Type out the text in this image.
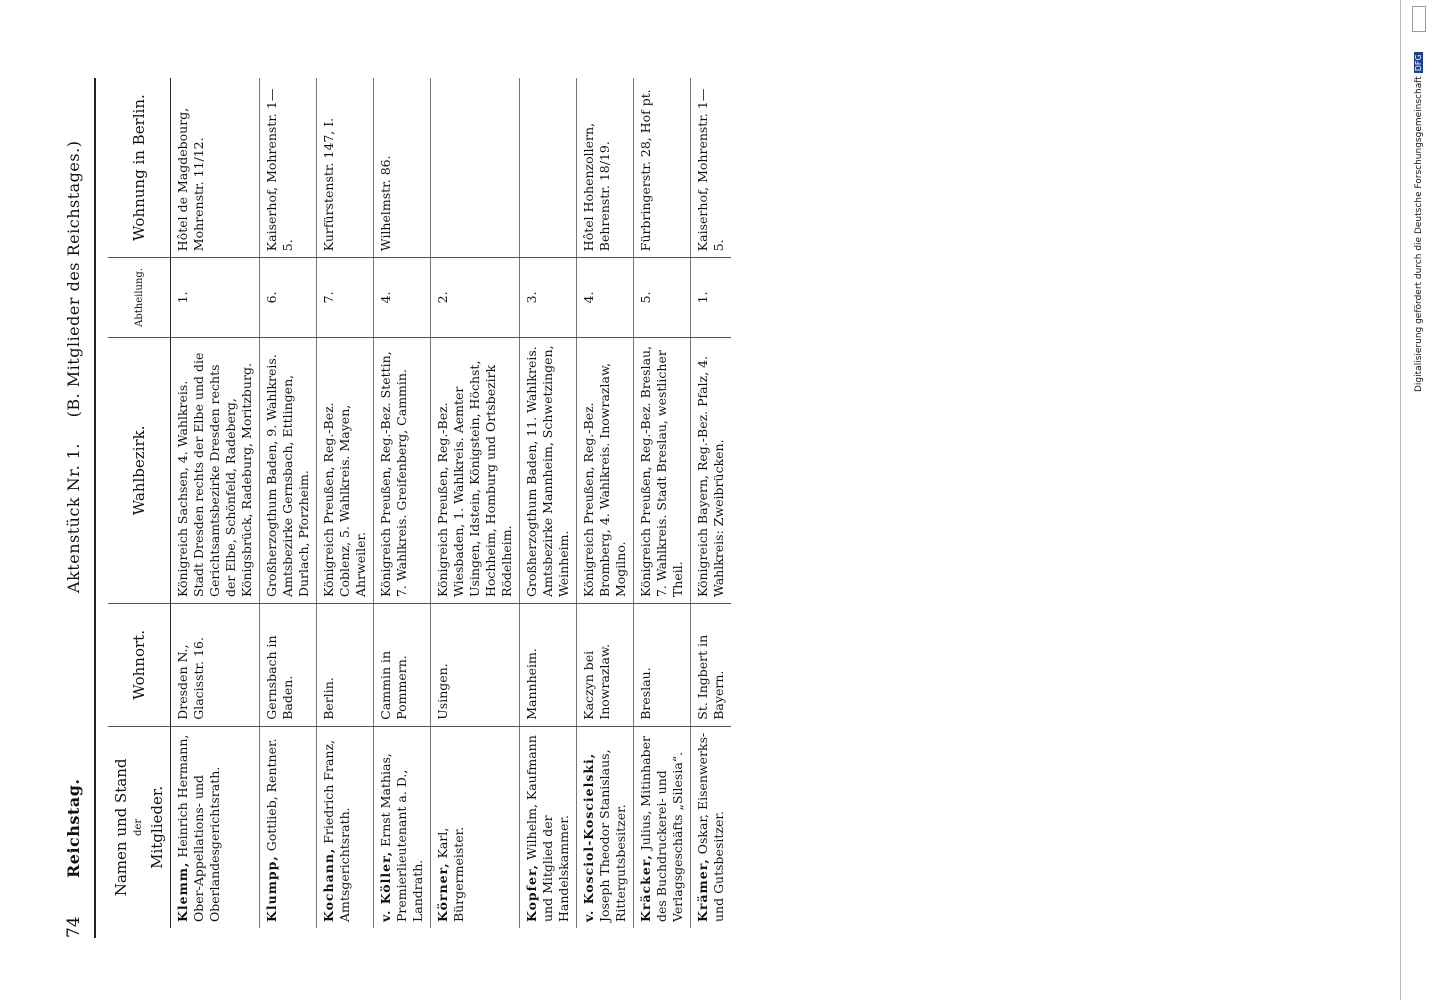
74
Reichstag. Aktenstück Nr. 1. (B. Mitglieder des Reichstages.)
Namen und Stand der Mitglieder.	Wohnort.	Wahlbezirk.	Abtheilung.	Wohnung in Berlin.
Klemm, Heinrich Hermann, Ober-Appellations- und Oberlandesgerichtsrath.	Dresden N., Glacisstr. 16.	Königreich Sachsen, 4. Wahlkreis. Stadt Dresden rechts der Elbe und die Gerichtsamtsbezirke Dresden rechts der Elbe, Schönfeld, Radeberg, Königsbrück, Radeburg, Moritzburg.	1.	Hôtel de Magdebourg, Mohrenstr. 11/12.
Klumpp, Gottlieb, Rentner.	Gernsbach in Baden.	Großherzogthum Baden, 9. Wahlkreis. Amtsbezirke Gernsbach, Ettlingen, Durlach, Pforzheim.	6.	Kaiserhof, Mohrenstr. 1—5.
Kochann, Friedrich Franz, Amtsgerichtsrath.	Berlin.	Königreich Preußen, Reg.-Bez. Coblenz, 5. Wahlkreis. Mayen, Ahrweiler.	7.	Kurfürstenstr. 147, I.
v. Köller, Ernst Mathias, Premierlieutenant a. D., Landrath.	Cammin in Pommern.	Königreich Preußen, Reg.-Bez. Stettin, 7. Wahlkreis. Greifenberg, Cammin.	4.	Wilhelmstr. 86.
Körner, Karl, Bürgermeister.	Usingen.	Königreich Preußen, Reg.-Bez. Wiesbaden, 1. Wahlkreis. Aemter Usingen, Idstein, Königstein, Höchst, Hochheim, Homburg und Ortsbezirk Rödelheim.	2.	
Kopfer, Wilhelm, Kaufmann und Mitglied der Handelskammer.	Mannheim.	Großherzogthum Baden, 11. Wahlkreis. Amtsbezirke Mannheim, Schwetzingen, Weinheim.	3.	
v. Kosciol-Koscielski, Joseph Theodor Stanislaus, Rittergutsbesitzer.	Kaczyn bei Inowrazlaw.	Königreich Preußen, Reg.-Bez. Bromberg, 4. Wahlkreis. Inowrazlaw, Mogilno.	4.	Hôtel Hohenzollern, Behrenstr. 18/19.
Kräcker, Julius, Mitinhaber des Buchdruckerei- und Verlagsgeschäfts „Silesia“.	Breslau.	Königreich Preußen, Reg.-Bez. Breslau, 7. Wahlkreis. Stadt Breslau, westlicher Theil.	5.	Fürbringerstr. 28, Hof pt.
Krämer, Oskar, Eisenwerks- und Gutsbesitzer.	St. Ingbert in Bayern.	Königreich Bayern, Reg.-Bez. Pfalz, 4. Wahlkreis: Zweibrücken.	1.	Kaiserhof, Mohrenstr. 1—5.	Digitalisierung gefördert durch die Deutsche ForschungsgemeinschaftDFG
